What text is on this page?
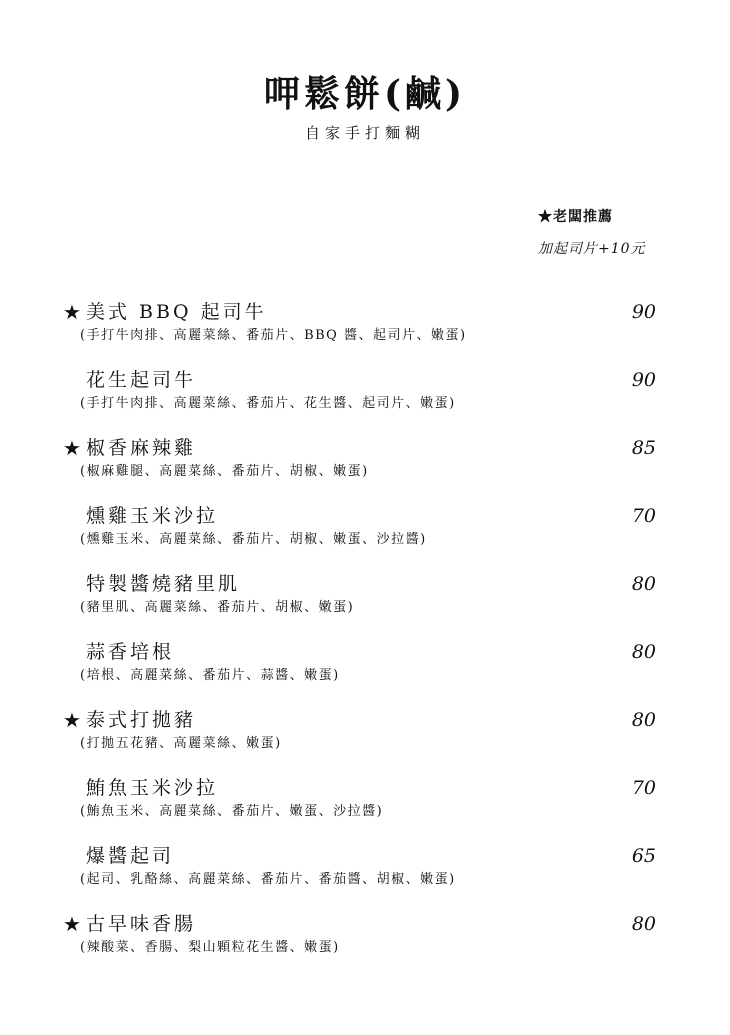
呷鬆餅(鹹)
自家手打麵糊
★老闆推薦
加起司片+10元
★ 美式 BBQ 起司牛	90
(手打牛肉排、高麗菜絲、番茄片、BBQ 醬、起司片、嫩蛋)
花生起司牛	90
(手打牛肉排、高麗菜絲、番茄片、花生醬、起司片、嫩蛋)
★ 椒香麻辣雞	85
(椒麻雞腿、高麗菜絲、番茄片、胡椒、嫩蛋)
燻雞玉米沙拉	70
(燻雞玉米、高麗菜絲、番茄片、胡椒、嫩蛋、沙拉醬)
特製醬燒豬里肌	80
(豬里肌、高麗菜絲、番茄片、胡椒、嫩蛋)
蒜香培根	80
(培根、高麗菜絲、番茄片、蒜醬、嫩蛋)
★ 泰式打拋豬	80
(打拋五花豬、高麗菜絲、嫩蛋)
鮪魚玉米沙拉	70
(鮪魚玉米、高麗菜絲、番茄片、嫩蛋、沙拉醬)
爆醬起司	65
(起司、乳酪絲、高麗菜絲、番茄片、番茄醬、胡椒、嫩蛋)
★ 古早味香腸	80
(辣酸菜、香腸、梨山顆粒花生醬、嫩蛋)
